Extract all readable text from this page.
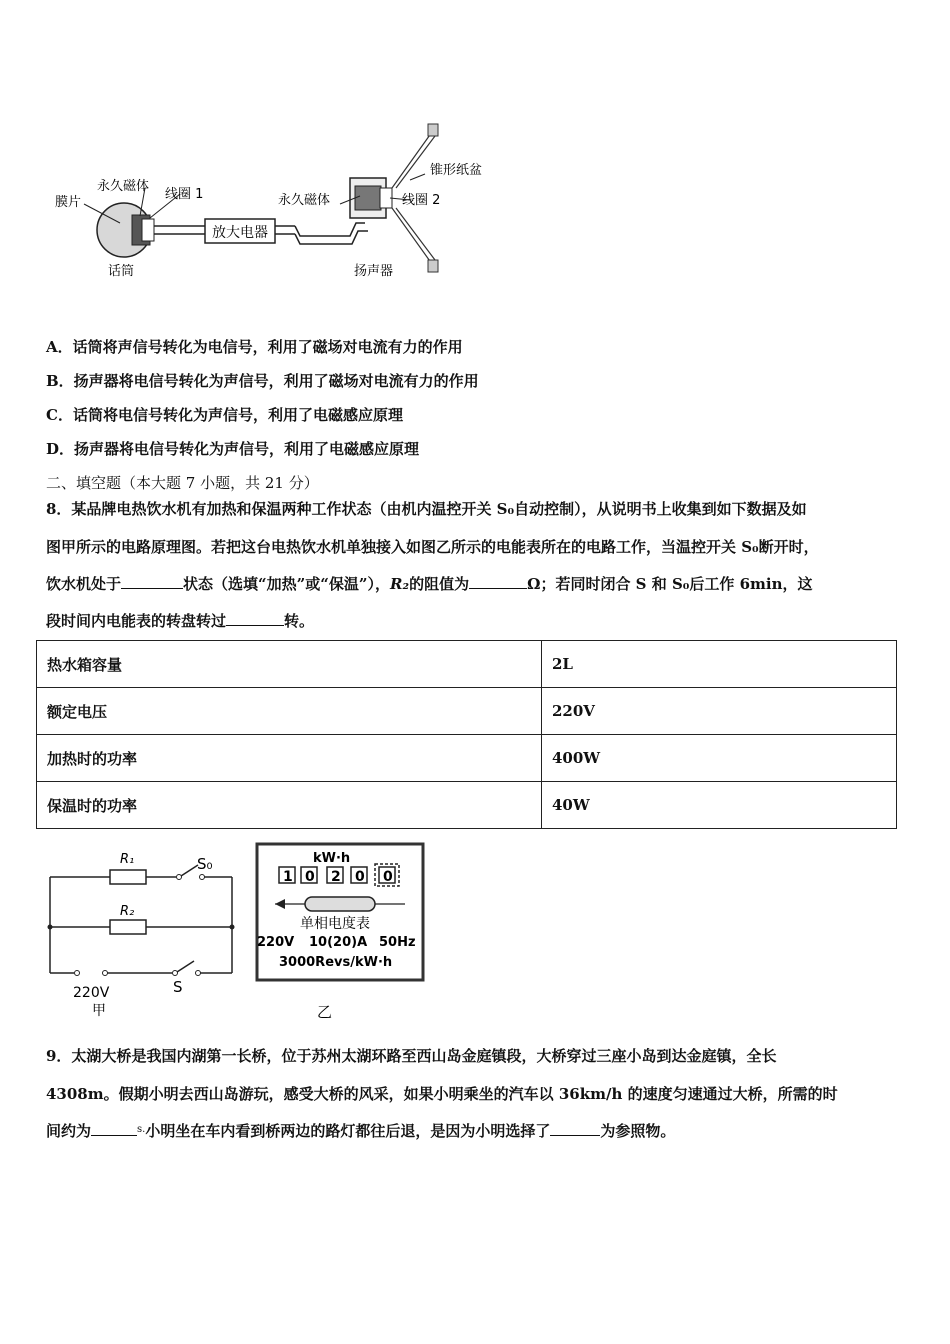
放大电器
膜片
永久磁体
线圈 1
话筒
永久磁体	线圈 2
锥形纸盆
扬声器
A．话筒将声信号转化为电信号，利用了磁场对电流有力的作用
B．扬声器将电信号转化为声信号，利用了磁场对电流有力的作用
C．话筒将电信号转化为声信号，利用了电磁感应原理
D．扬声器将电信号转化为声信号，利用了电磁感应原理
二、填空题（本大题 7 小题，共 21 分）
8．某品牌电热饮水机有加热和保温两种工作状态（由机内温控开关 S₀自动控制），从说明书上收集到如下数据及如
图甲所示的电路原理图。若把这台电热饮水机单独接入如图乙所示的电能表所在的电路工作，当温控开关 S₀断开时，
饮水机处于	状态（选填“加热”或“保温”），R₂的阻值为	Ω；若同时闭合 S 和 S₀后工作 6min，这
段时间内电能表的转盘转过	转。
热水箱容量	2L
额定电压	220V
加热时的功率	400W
保温时的功率	40W
R₁
R₂
S₀
S
220V
甲
kW·h
1 0 2 0 0
单相电度表
220V 10(20)A 50Hz
3000Revs/kW·h
乙
9．太湖大桥是我国内湖第一长桥，位于苏州太湖环路至西山岛金庭镇段，大桥穿过三座小岛到达金庭镇，全长
4308m。假期小明去西山岛游玩，感受大桥的风采，如果小明乘坐的汽车以 36km/h 的速度匀速通过大桥，所需的时
间约为	$^{s.}$小明坐在车内看到桥两边的路灯都往后退，是因为小明选择了	为参照物。
